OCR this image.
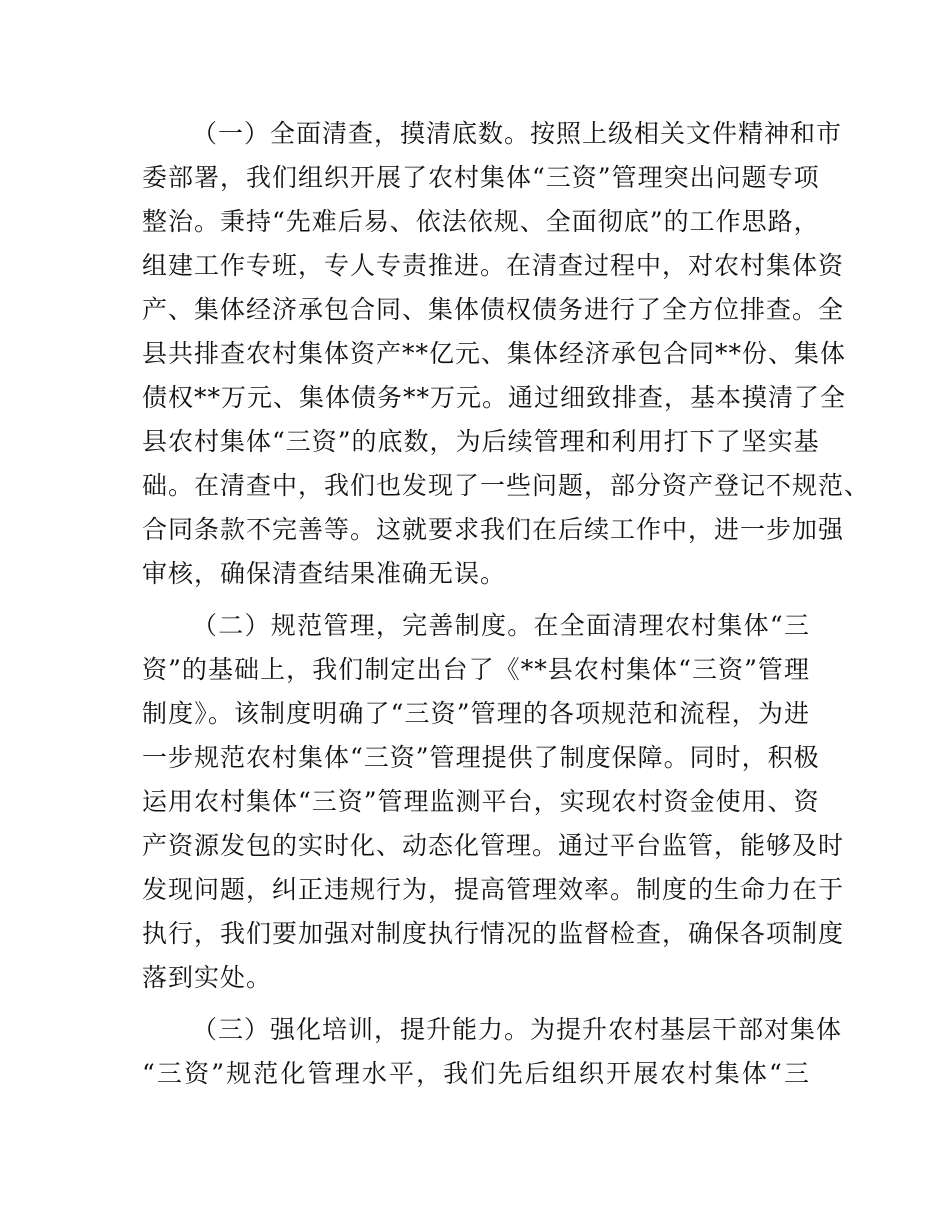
（一）全面清查，摸清底数。按照上级相关文件精神和市

委部署，我们组织开展了农村集体“三资”管理突出问题专项

整治。秉持“先难后易、依法依规、全面彻底”的工作思路，

组建工作专班，专人专责推进。在清查过程中，对农村集体资

产、集体经济承包合同、集体债权债务进行了全方位排查。全

县共排查农村集体资产**亿元、集体经济承包合同**份、集体

债权**万元、集体债务**万元。通过细致排查，基本摸清了全

县农村集体“三资”的底数，为后续管理和利用打下了坚实基

础。在清查中，我们也发现了一些问题，部分资产登记不规范、

合同条款不完善等。这就要求我们在后续工作中，进一步加强

审核，确保清查结果准确无误。

（二）规范管理，完善制度。在全面清理农村集体“三

资”的基础上，我们制定出台了《**县农村集体“三资”管理

制度》。该制度明确了“三资”管理的各项规范和流程，为进

一步规范农村集体“三资”管理提供了制度保障。同时，积极

运用农村集体“三资”管理监测平台，实现农村资金使用、资

产资源发包的实时化、动态化管理。通过平台监管，能够及时

发现问题，纠正违规行为，提高管理效率。制度的生命力在于

执行，我们要加强对制度执行情况的监督检查，确保各项制度

落到实处。

（三）强化培训，提升能力。为提升农村基层干部对集体

“三资”规范化管理水平，我们先后组织开展农村集体“三
